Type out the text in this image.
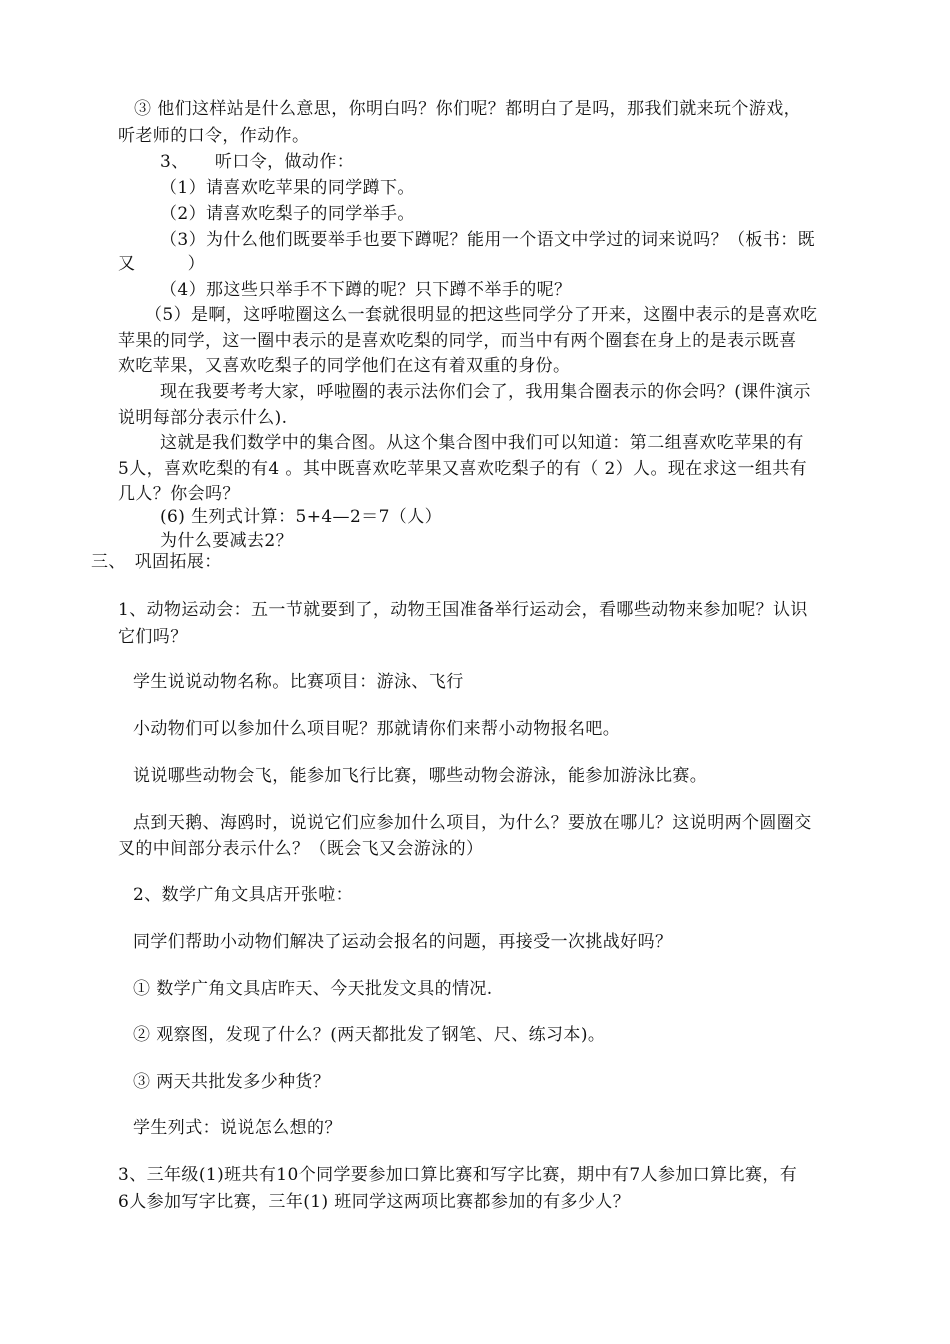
③ 他们这样站是什么意思，你明白吗？你们呢？都明白了是吗，那我们就来玩个游戏，
听老师的口令，作动作。
3、　　听口令，做动作：
（1）请喜欢吃苹果的同学蹲下。
（2）请喜欢吃梨子的同学举手。
（3）为什么他们既要举手也要下蹲呢？能用一个语文中学过的词来说吗？（板书：既
又　　　）
（4）那这些只举手不下蹲的呢？只下蹲不举手的呢？
（5）是啊，这呼啦圈这么一套就很明显的把这些同学分了开来，这圈中表示的是喜欢吃
苹果的同学，这一圈中表示的是喜欢吃梨的同学，而当中有两个圈套在身上的是表示既喜
欢吃苹果，又喜欢吃梨子的同学他们在这有着双重的身份。
现在我要考考大家，呼啦圈的表示法你们会了，我用集合圈表示的你会吗？(课件演示
说明每部分表示什么).
这就是我们数学中的集合图。从这个集合图中我们可以知道：第二组喜欢吃苹果的有
5人，喜欢吃梨的有4 。其中既喜欢吃苹果又喜欢吃梨子的有（ 2）人。现在求这一组共有
几人？你会吗？
(6) 生列式计算：5+4—2＝7（人）
为什么要减去2？
三、　巩固拓展：
1、动物运动会：五一节就要到了，动物王国准备举行运动会，看哪些动物来参加呢？认识
它们吗？
学生说说动物名称。比赛项目：游泳、飞行
小动物们可以参加什么项目呢？那就请你们来帮小动物报名吧。
说说哪些动物会飞，能参加飞行比赛，哪些动物会游泳，能参加游泳比赛。
点到天鹅、海鸥时，说说它们应参加什么项目，为什么？要放在哪儿？这说明两个圆圈交
叉的中间部分表示什么？（既会飞又会游泳的）
2、数学广角文具店开张啦：
同学们帮助小动物们解决了运动会报名的问题，再接受一次挑战好吗？
① 数学广角文具店昨天、今天批发文具的情况.
② 观察图，发现了什么？(两天都批发了钢笔、尺、练习本)。
③ 两天共批发多少种货？
学生列式：说说怎么想的？
3、三年级(1)班共有10个同学要参加口算比赛和写字比赛，期中有7人参加口算比赛，有
6人参加写字比赛，三年(1) 班同学这两项比赛都参加的有多少人？
